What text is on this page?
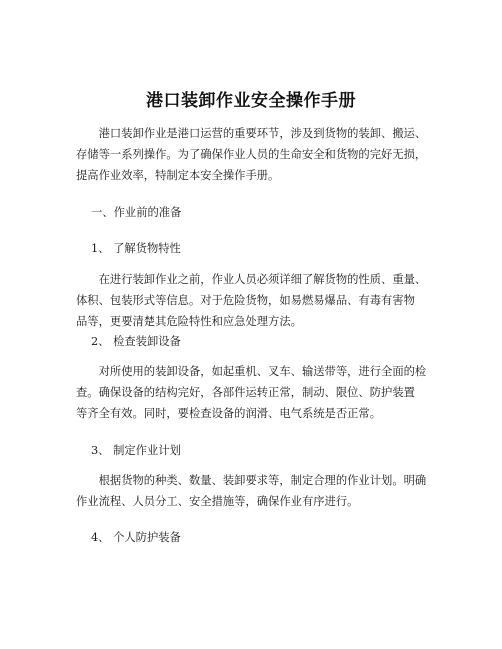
港口装卸作业安全操作手册
　　港口装卸作业是港口运营的重要环节，涉及到货物的装卸、搬运、
存储等一系列操作。为了确保作业人员的生命安全和货物的完好无损，
提高作业效率，特制定本安全操作手册。
一、作业前的准备
1、 了解货物特性
　　在进行装卸作业之前，作业人员必须详细了解货物的性质、重量、
体积、包装形式等信息。对于危险货物，如易燃易爆品、有毒有害物
品等，更要清楚其危险特性和应急处理方法。
2、 检查装卸设备
　　对所使用的装卸设备，如起重机、叉车、输送带等，进行全面的检
查。确保设备的结构完好，各部件运转正常，制动、限位、防护装置
等齐全有效。同时，要检查设备的润滑、电气系统是否正常。
3、 制定作业计划
　　根据货物的种类、数量、装卸要求等，制定合理的作业计划。明确
作业流程、人员分工、安全措施等，确保作业有序进行。
4、 个人防护装备
